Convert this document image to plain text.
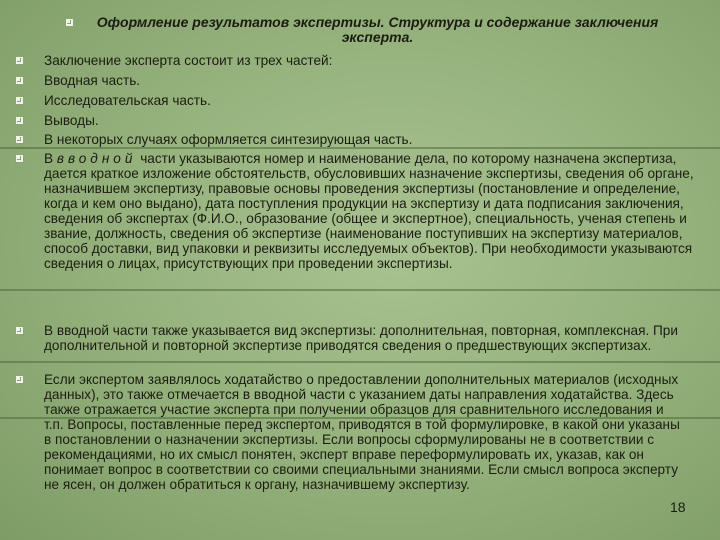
Оформление результатов экспертизы. Структура и содержание заключения эксперта.
Заключение эксперта состоит из трех частей:
Вводная часть.
Исследовательская часть.
Выводы.
В некоторых случаях оформляется синтезирующая часть.
В вводной части указываются номер и наименование дела, по которому назначена экспертиза, дается краткое изложение обстоятельств, обусловивших назначение экспертизы, сведения об органе, назначившем экспертизу, правовые основы проведения экспертизы (постановление и определение, когда и кем оно выдано), дата поступления продукции на экспертизу и дата подписания заключения, сведения об экспертах (Ф.И.О., образование (общее и экспертное), специальность, ученая степень и звание, должность, сведения об экспертизе (наименование поступивших на экспертизу материалов, способ доставки, вид упаковки и реквизиты исследуемых объектов). При необходимости указываются сведения о лицах, присутствующих при проведении экспертизы.
В вводной части также указывается вид экспертизы: дополнительная, повторная, комплексная. При дополнительной и повторной экспертизе приводятся сведения о предшествующих экспертизах.
Если экспертом заявлялось ходатайство о предоставлении дополнительных материалов (исходных данных), это также отмечается в вводной части с указанием даты направления ходатайства. Здесь также отражается участие эксперта при получении образцов для сравнительного исследования и т.п. Вопросы, поставленные перед экспертом, приводятся в той формулировке, в какой они указаны в постановлении о назначении экспертизы. Если вопросы сформулированы не в соответствии с рекомендациями, но их смысл понятен, эксперт вправе переформулировать их, указав, как он понимает вопрос в соответствии со своими специальными знаниями. Если смысл вопроса эксперту не ясен, он должен обратиться к органу, назначившему экспертизу.
18
